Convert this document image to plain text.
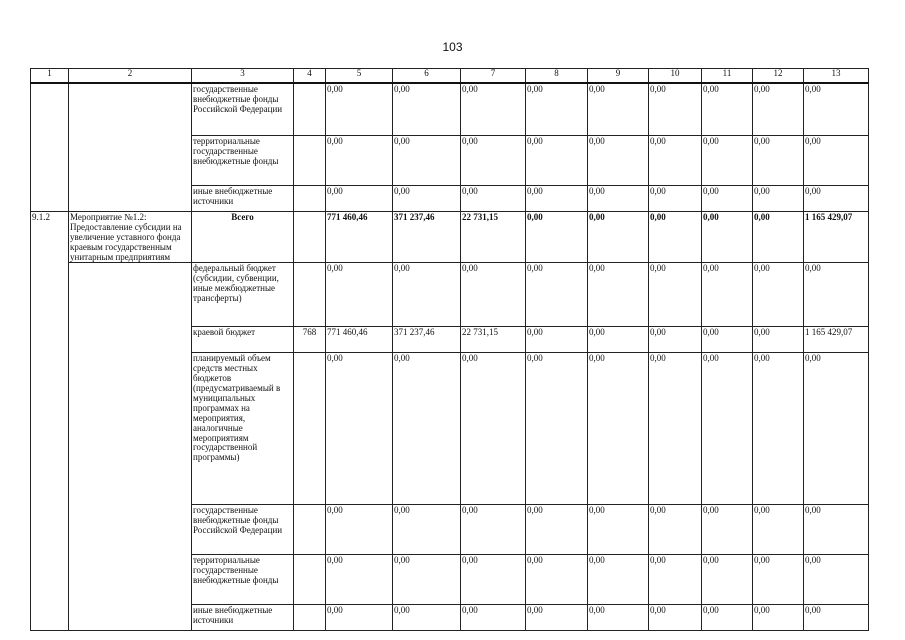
103
1	2	3	4	5	6	7	8	9	10	11	12	13
		государственные внебюджетные фонды Российской Федерации		0,00	0,00	0,00	0,00	0,00	0,00	0,00	0,00	0,00
		территориальные государственные внебюджетные фонды		0,00	0,00	0,00	0,00	0,00	0,00	0,00	0,00	0,00
		иные внебюджетные источники		0,00	0,00	0,00	0,00	0,00	0,00	0,00	0,00	0,00
9.1.2	Мероприятие №1.2: Предоставление субсидии на увеличение уставного фонда краевым государственным унитарным предприятиям	Всего		771 460,46	371 237,46	22 731,15	0,00	0,00	0,00	0,00	0,00	1 165 429,07
		федеральный бюджет (субсидии, субвенции, иные межбюджетные трансферты)		0,00	0,00	0,00	0,00	0,00	0,00	0,00	0,00	0,00
		краевой бюджет	768	771 460,46	371 237,46	22 731,15	0,00	0,00	0,00	0,00	0,00	1 165 429,07
		планируемый объем средств местных бюджетов (предусматриваемый в муниципальных программах на мероприятия, аналогичные мероприятиям государственной программы)		0,00	0,00	0,00	0,00	0,00	0,00	0,00	0,00	0,00
		государственные внебюджетные фонды Российской Федерации		0,00	0,00	0,00	0,00	0,00	0,00	0,00	0,00	0,00
		территориальные государственные внебюджетные фонды		0,00	0,00	0,00	0,00	0,00	0,00	0,00	0,00	0,00
		иные внебюджетные источники		0,00	0,00	0,00	0,00	0,00	0,00	0,00	0,00	0,00
